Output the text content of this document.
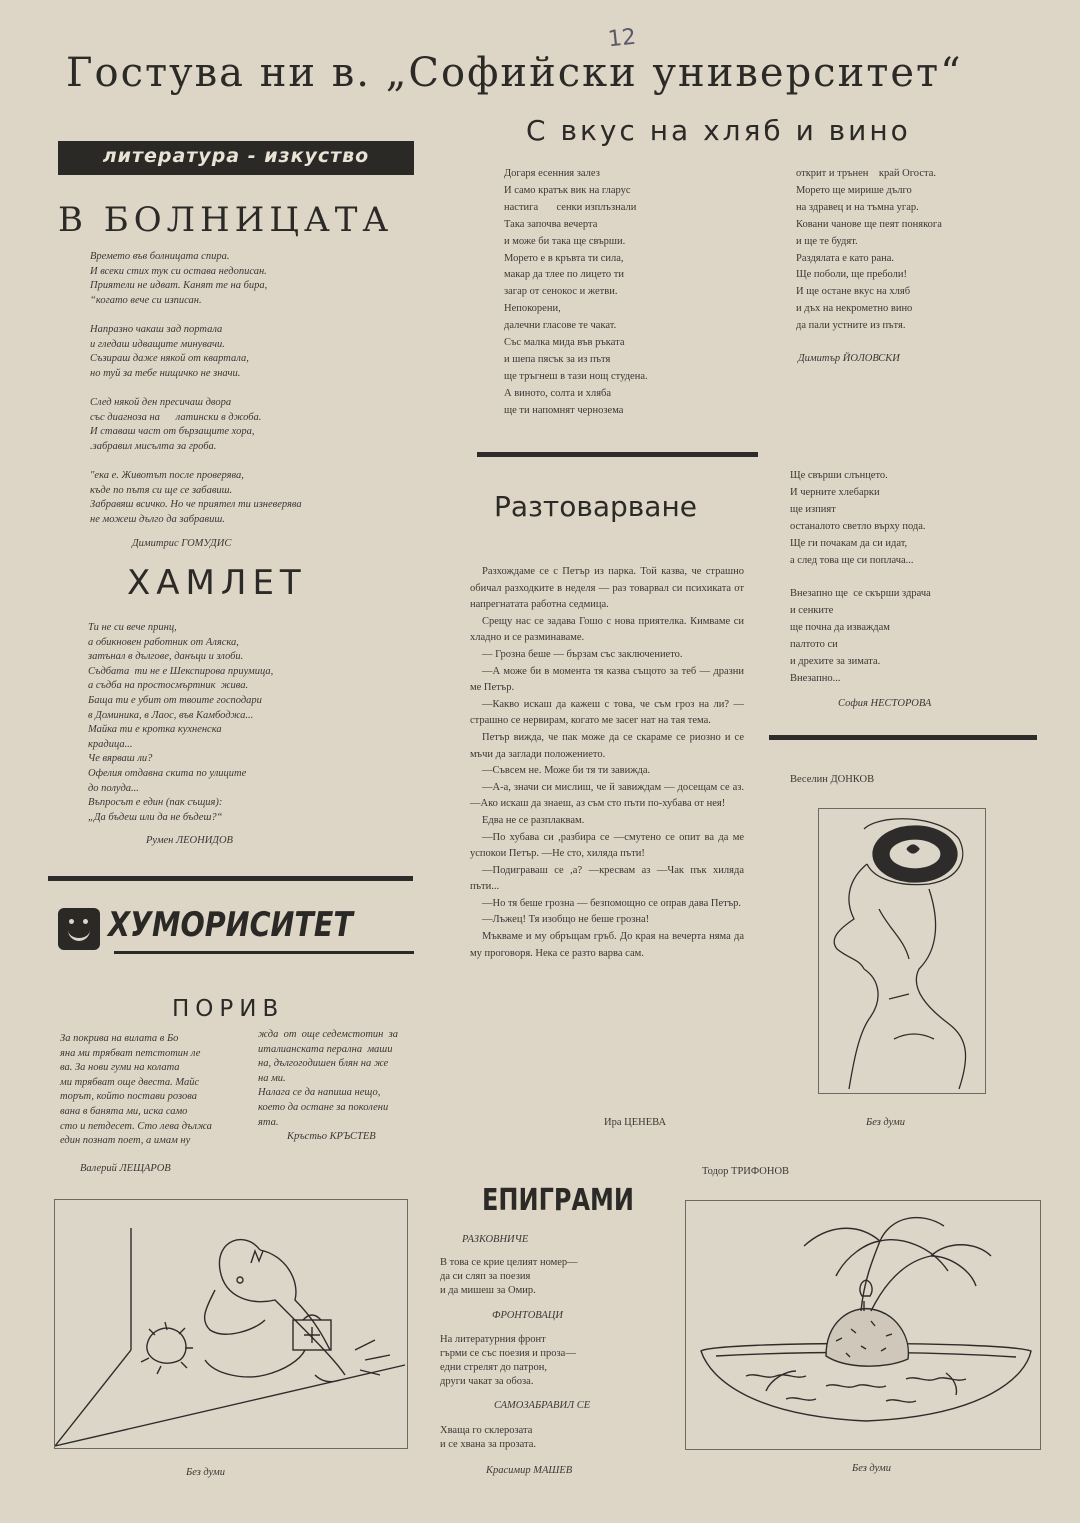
12
Гостува ни в. „Софийски университет“
литература - изкуство
В БОЛНИЦАТА
Времето във болницата спира.
И всеки стих тук си остава недописан.
Приятели не идват. Канят те на бира,
“когато вече си изписан.

Напразно чакаш зад портала
и гледаш идващите минувачи.
Съзираш даже някой от квартала,
но туй за тебе нищичко не значи.

След някой ден пресичаш двора
със диагноза на      латински в джоба.
И ставаш част от бързащите хора,
.забравил мисълта за гроба.

"ека е. Животът после проверява,
къде по пътя си ще се забавиш.
Забравяш всичко. Но че приятел ти изневерява
не можеш дълго да забравиш.
Димитрис ГОМУДИС
ХАМЛЕТ
Ти не си вече принц,
а обикновен работник от Аляска,
затънал в дългове, данъци и злоби.
Съдбата  ти не е Шекспирова приумица,
а съдба на простосмъртник  жива.
Баща ти е убит от твоите господари
в Доминика, в Лаос, във Камбоджа...
Майка ти е кротка кухненска
крадица...
Че вярваш ли?
Офелия отдавна скита по улиците
до полуда...
Въпросът е един (пак същия):
„Да бъдеш или да не бъдеш?“
Румен ЛЕОНИДОВ
ХУМОРИСИТЕТ
ПОРИВ
За покрива на вилата в Бо
яна ми трябват петстотин ле
ва. За нови гуми на колата
ми трябват още двеста. Майс
торът, който постави розова
вана в банята ми, иска само
сто и петдесет. Сто лева дължа
един познат поет, а имам ну
жда  от  още седемстотин  за
италианската перална  маши
на, дългогодишен блян на же
на ми.
Налага се да напиша нещо,
което да остане за поколени
ята.
Кръстьо КРЪСТЕВ
Валерий ЛЕЩАРОВ
Без думи
С вкус на хляб и вино
Догаря есенния залез
И само кратък вик на гларус
настига       сенки изплъзнали
Така започва вечерта
и може би така ще свърши.
Морето е в кръвта ти сила,
макар да тлее по лицето ти
загар от сенокос и жетви.
Непокорени,
далечни гласове те чакат.
Със малка мида във ръката
и шепа пясък за из пътя
ще тръгнеш в тази нощ студена.
А виното, солта и хляба
ще ти напомнят чернозема
открит и трънен    край Огоста.
Морето ще мирише дълго
на здравец и на тъмна угар.
Ковани чанове ще пеят понякога
и ще те будят.
Раздялата е като рана.
Ще поболи, ще преболи!
И ще остане вкус на хляб
и дъх на некрометно вино
да пали устните из пътя.
Димитър ЙОЛОВСКИ
Разтоварване

Разхождаме се с Петър из парка. Той казва, че страшно обичал разходките в неделя — раз товарвал си психиката от напрегнатата работна седмица.

Срещу нас се задава Гошо с нова приятелка. Кимваме си хладно и се разминаваме.

— Грозна беше — бързам със заключението.

—А може би в момента тя казва същото за теб — дразни ме Петър.

—Какво искаш да кажеш с това, че съм гроз на ли? —страшно се нервирам, когато ме засег нат на тая тема.

Петър вижда, че пак може да се скараме се риозно и се мъчи да заглади положението.

—Съвсем не. Може би тя ти завижда.

—А-а, значи си мислиш, че й завиждам — досещам се аз. —Ако искаш да знаеш, аз съм сто пъти по-хубава от нея!

Едва не се разплаквам.

—По хубава си ,разбира се —смутено се опит ва да ме успокои Петър. —Не сто, хиляда пъти!

—Подиграваш се ,а? —кресвам аз —Чак пък хиляда пъти...

—Но тя беше грозна — безпомощно се оправ дава Петър.

—Лъжец! Тя изобщо не беше грозна!

Мъкваме и му обръщам гръб. До края на вечерта няма да му проговоря. Нека се разто варва сам.

Ира ЦЕНЕВА
Ще свърши слънцето.
И черните хлебарки
ще изпият
останалото светло върху пода.
Ще ги почакам да си идат,
а след това ще си поплача...

Внезапно ще  се скърши здрача
и сенките
ще почна да изваждам
палтото си
и дрехите за зимата.
Внезапно...
София НЕСТОРОВА
Веселин ДОНКОВ
Без думи
Тодор ТРИФОНОВ
ЕПИГРАМИ
РАЗКОВНИЧЕ
В това се крие целият номер—
да си сляп за поезия
и да мишеш за Омир.
ФРОНТОВАЦИ
На литературния фронт
гърми се със поезия и проза—
едни стрелят до патрон,
други чакат за обоза.
САМОЗАБРАВИЛ СЕ
Хваща го склерозата
и се хвана за прозата.
Красимир МАШЕВ	Без думи
